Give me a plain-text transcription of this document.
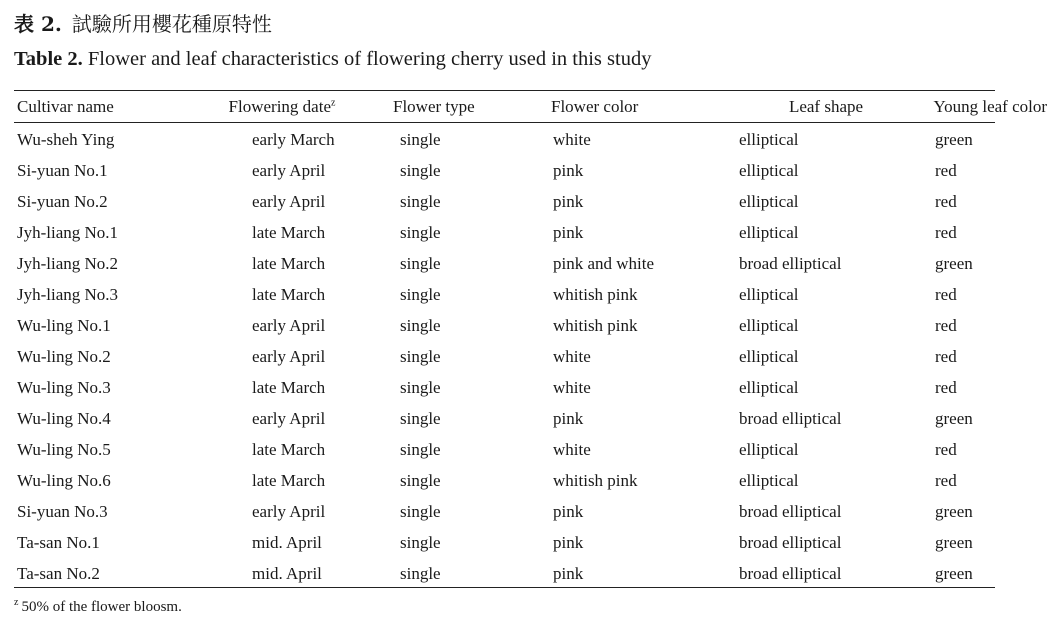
表 2. 試驗所用櫻花種原特性
Table 2. Flower and leaf characteristics of flowering cherry used in this study
Cultivar name	Flowering date$^z$	Flower type	Flower color	Leaf shape	Young leaf color
Wu-sheh Ying	early March	single	white	elliptical	green
Si-yuan No.1	early April	single	pink	elliptical	red
Si-yuan No.2	early April	single	pink	elliptical	red
Jyh-liang No.1	late March	single	pink	elliptical	red
Jyh-liang No.2	late March	single	pink and white	broad elliptical	green
Jyh-liang No.3	late March	single	whitish pink	elliptical	red
Wu-ling No.1	early April	single	whitish pink	elliptical	red
Wu-ling No.2	early April	single	white	elliptical	red
Wu-ling No.3	late March	single	white	elliptical	red
Wu-ling No.4	early April	single	pink	broad elliptical	green
Wu-ling No.5	late March	single	white	elliptical	red
Wu-ling No.6	late March	single	whitish pink	elliptical	red
Si-yuan No.3	early April	single	pink	broad elliptical	green
Ta-san No.1	mid. April	single	pink	broad elliptical	green
Ta-san No.2	mid. April	single	pink	broad elliptical	green
$^z$ 50% of the flower bloosm.
